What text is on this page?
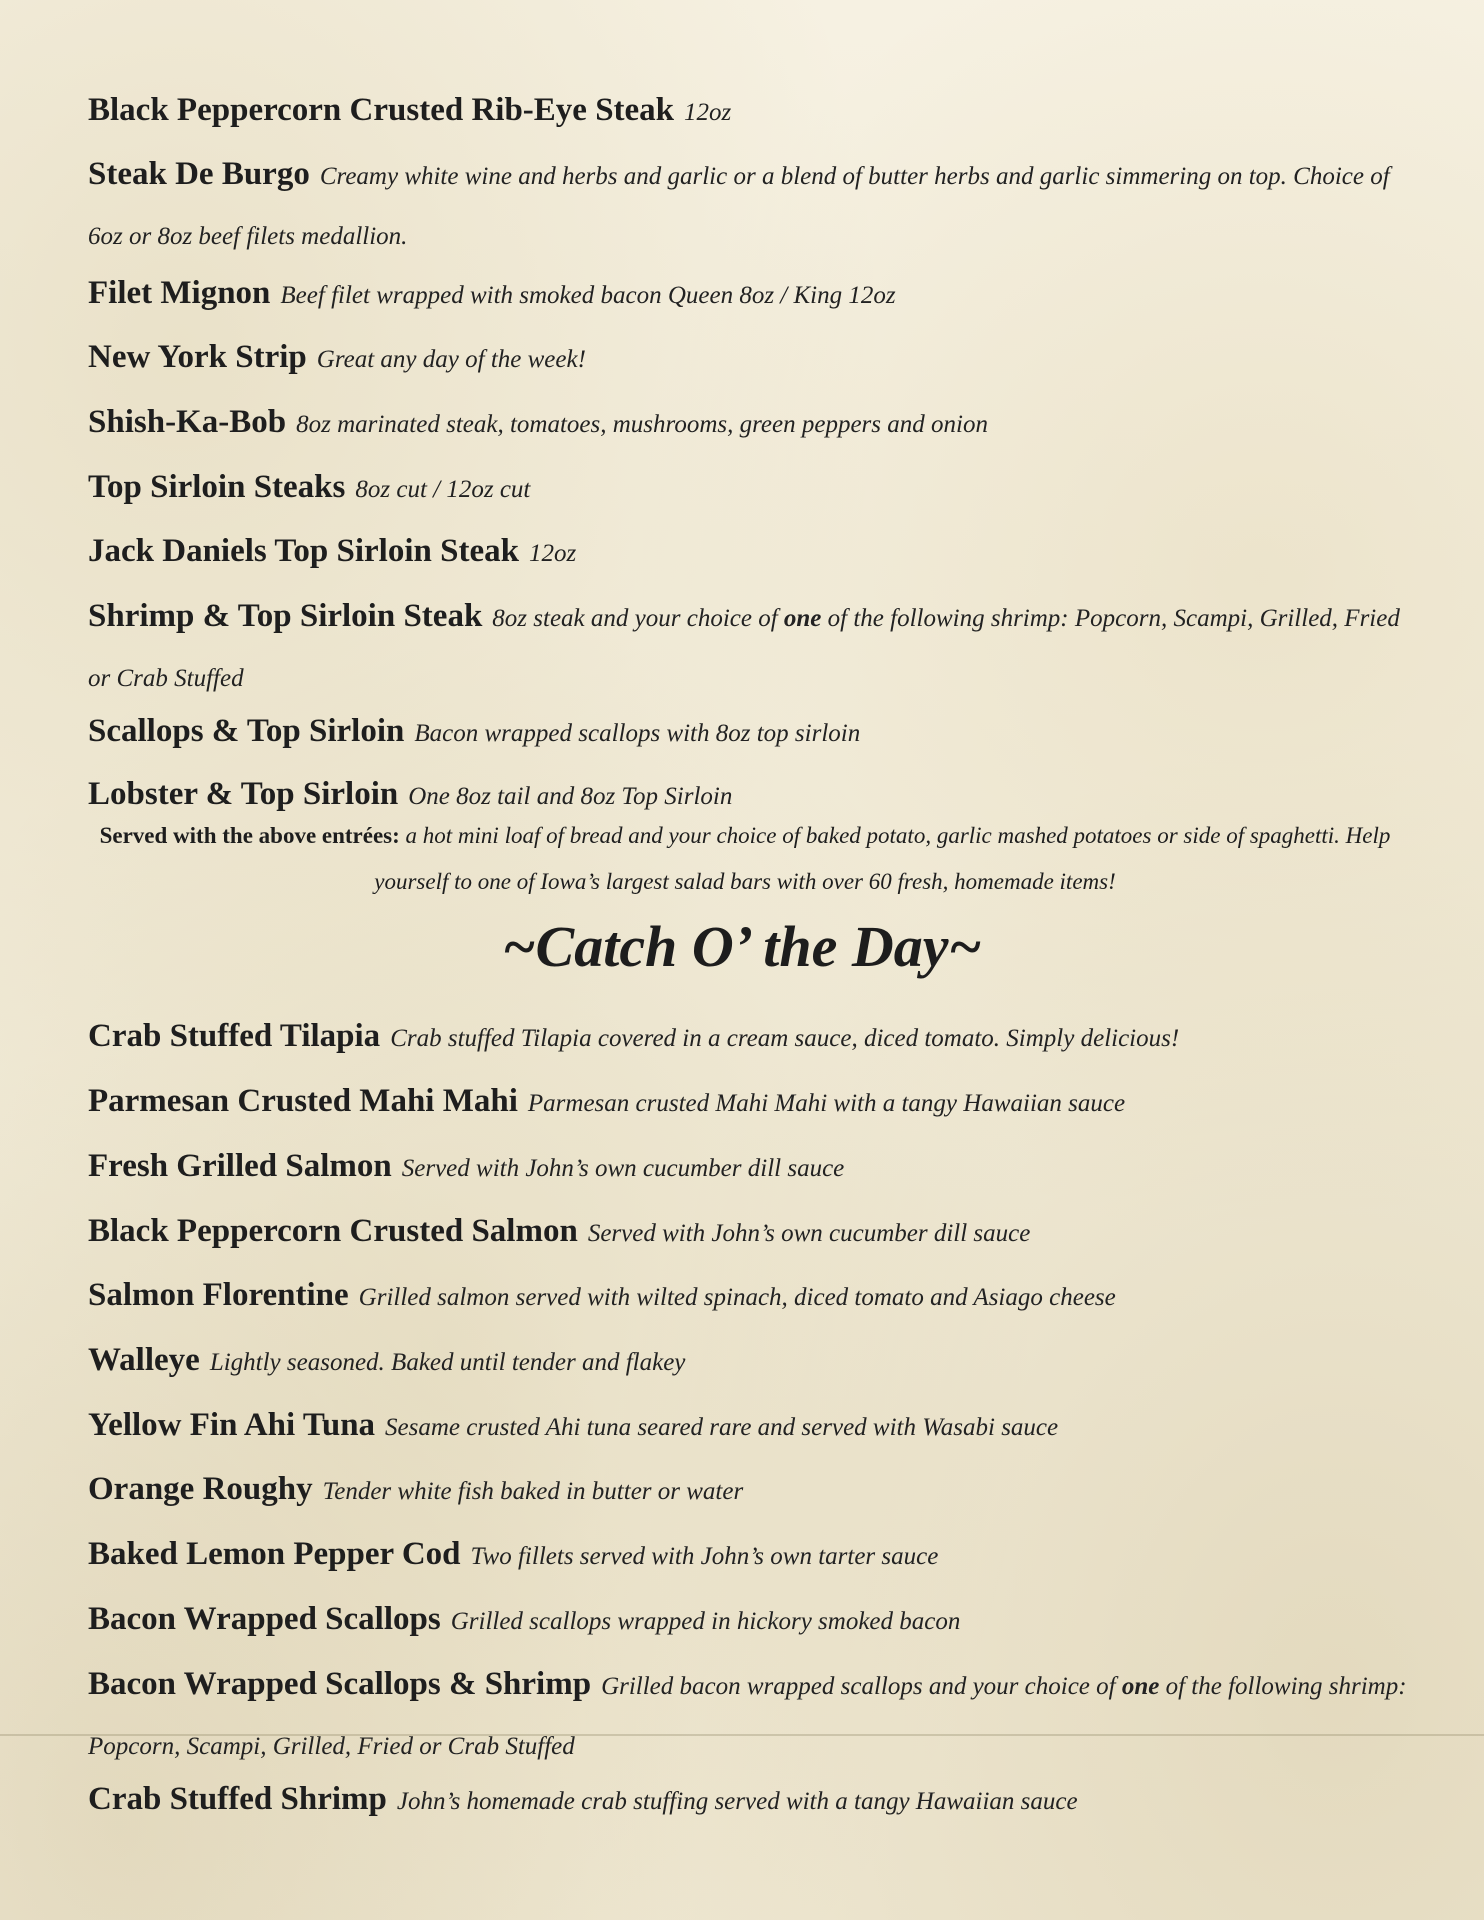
Black Peppercorn Crusted Rib-Eye Steak 12oz

Steak De Burgo Creamy white wine and herbs and garlic or a blend of butter herbs and garlic simmering on top. Choice of 6oz or 8oz beef filets medallion.

Filet Mignon Beef filet wrapped with smoked bacon Queen 8oz / King 12oz

New York Strip Great any day of the week!

Shish-Ka-Bob 8oz marinated steak, tomatoes, mushrooms, green peppers and onion

Top Sirloin Steaks 8oz cut / 12oz cut

Jack Daniels Top Sirloin Steak 12oz

Shrimp & Top Sirloin Steak 8oz steak and your choice of one of the following shrimp: Popcorn, Scampi, Grilled, Fried or Crab Stuffed

Scallops & Top Sirloin Bacon wrapped scallops with 8oz top sirloin

Lobster & Top Sirloin One 8oz tail and 8oz Top Sirloin

Served with the above entrées: a hot mini loaf of bread and your choice of baked potato, garlic mashed potatoes or side of spaghetti. Help yourself to one of Iowa’s largest salad bars with over 60 fresh, homemade items!

~Catch O’ the Day~

Crab Stuffed Tilapia Crab stuffed Tilapia covered in a cream sauce, diced tomato. Simply delicious!

Parmesan Crusted Mahi Mahi Parmesan crusted Mahi Mahi with a tangy Hawaiian sauce

Fresh Grilled Salmon Served with John’s own cucumber dill sauce

Black Peppercorn Crusted Salmon Served with John’s own cucumber dill sauce

Salmon Florentine Grilled salmon served with wilted spinach, diced tomato and Asiago cheese

Walleye Lightly seasoned. Baked until tender and flakey

Yellow Fin Ahi Tuna Sesame crusted Ahi tuna seared rare and served with Wasabi sauce

Orange Roughy Tender white fish baked in butter or water

Baked Lemon Pepper Cod Two fillets served with John’s own tarter sauce

Bacon Wrapped Scallops Grilled scallops wrapped in hickory smoked bacon

Bacon Wrapped Scallops & Shrimp Grilled bacon wrapped scallops and your choice of one of the following shrimp: Popcorn, Scampi, Grilled, Fried or Crab Stuffed

Crab Stuffed Shrimp John’s homemade crab stuffing served with a tangy Hawaiian sauce
